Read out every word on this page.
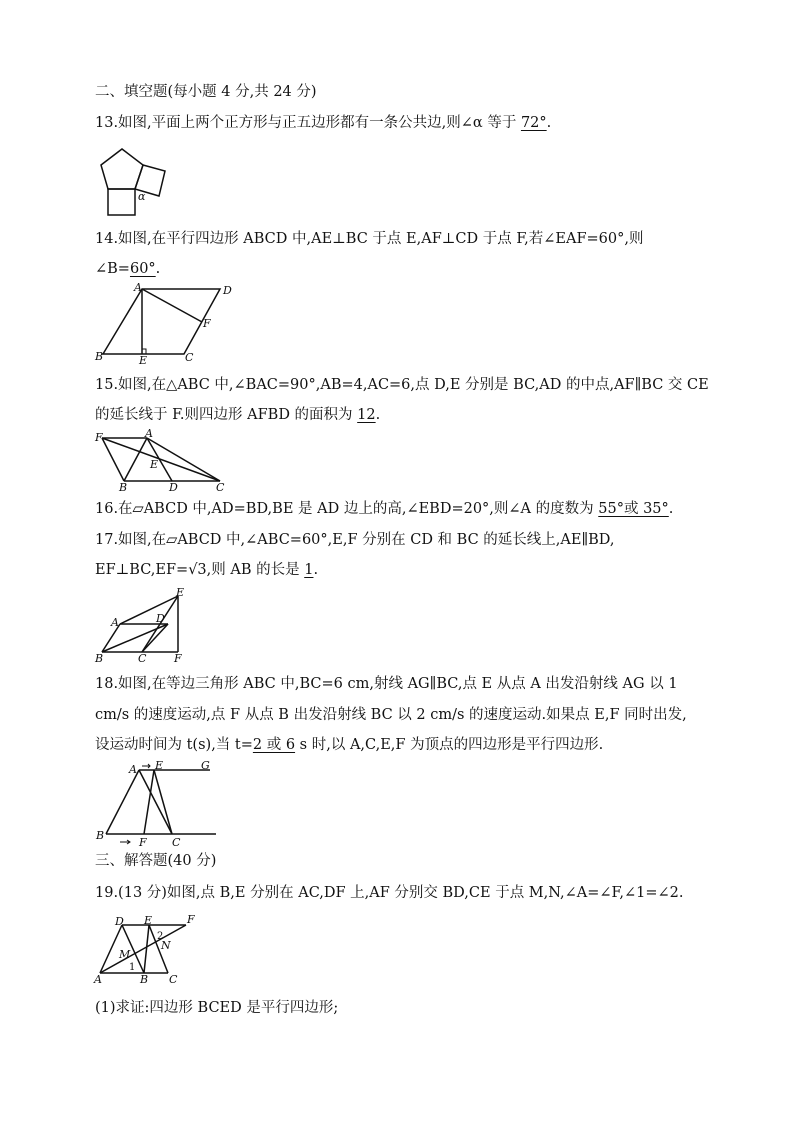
二、填空题(每小题 4 分,共 24 分)
13.如图,平面上两个正方形与正五边形都有一条公共边,则∠α 等于 72°.
α
14.如图,在平行四边形 ABCD 中,AE⊥BC 于点 E,AF⊥CD 于点 F,若∠EAF=60°,则
∠B=60°.
A	D
F
B	E	C
15.如图,在△ABC 中,∠BAC=90°,AB=4,AC=6,点 D,E 分别是 BC,AD 的中点,AF∥BC 交 CE
的延长线于 F.则四边形 AFBD 的面积为 12.
F	A
E
B	D	C
16.在▱ABCD 中,AD=BD,BE 是 AD 边上的高,∠EBD=20°,则∠A 的度数为 55°或 35°.
17.如图,在▱ABCD 中,∠ABC=60°,E,F 分别在 CD 和 BC 的延长线上,AE∥BD,
EF⊥BC,EF=√3,则 AB 的长是 1.
E
A	D
B	C	F
18.如图,在等边三角形 ABC 中,BC=6 cm,射线 AG∥BC,点 E 从点 A 出发沿射线 AG 以 1
cm/s 的速度运动,点 F 从点 B 出发沿射线 BC 以 2 cm/s 的速度运动.如果点 E,F 同时出发,
设运动时间为 t(s),当 t=2 或 6 s 时,以 A,C,E,F 为顶点的四边形是平行四边形.
A E	G
B
F C
三、解答题(40 分)
19.(13 分)如图,点 B,E 分别在 AC,DF 上,AF 分别交 BD,CE 于点 M,N,∠A=∠F,∠1=∠2.
D E	F
2
M
N
A
1
B C
(1)求证:四边形 BCED 是平行四边形;
